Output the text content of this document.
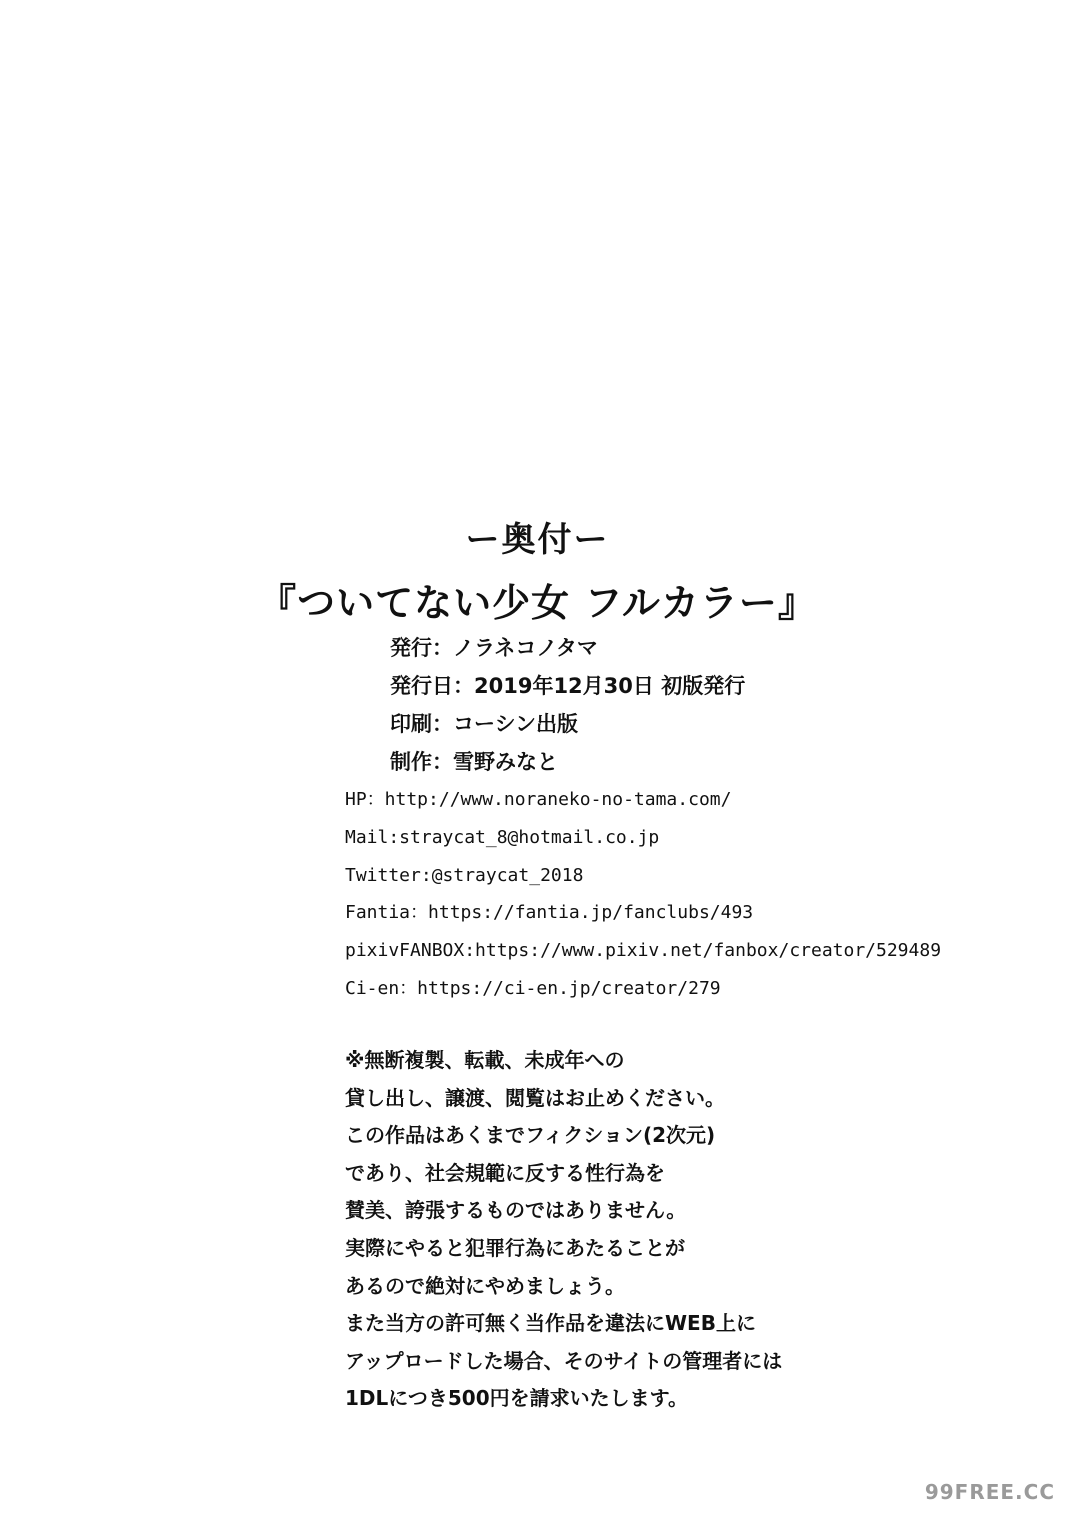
ー奥付ー
『ついてない少女 フルカラー』
発行：ノラネコノタマ
発行日：2019年12月30日 初版発行
印刷：コーシン出版
制作：雪野みなと
HP：http://www.noraneko-no-tama.com/
Mail:straycat_8@hotmail.co.jp
Twitter:@straycat_2018
Fantia：https://fantia.jp/fanclubs/493
pixivFANBOX:https://www.pixiv.net/fanbox/creator/529489
Ci-en：https://ci-en.jp/creator/279
※無断複製、転載、未成年への
貸し出し、譲渡、閲覧はお止めください。
この作品はあくまでフィクション(2次元)
であり、社会規範に反する性行為を
賛美、誇張するものではありません。
実際にやると犯罪行為にあたることが
あるので絶対にやめましょう。
また当方の許可無く当作品を違法にWEB上に
アップロードした場合、そのサイトの管理者には
1DLにつき500円を請求いたします。
99FREE.CC
